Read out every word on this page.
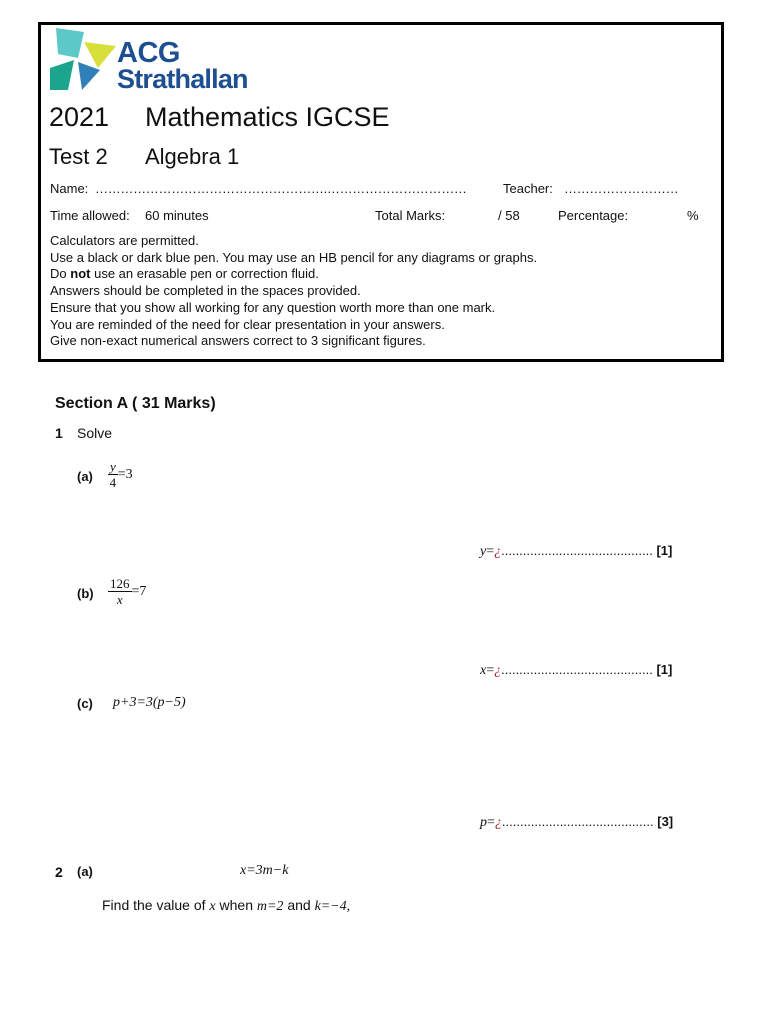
ACG
Strathallan
2021 Mathematics IGCSE
Test 2 Algebra 1
Name: ……………………………………………….……………………………	Teacher: ………………………
Time allowed: 60 minutes	Total Marks:	/ 58	Percentage:	%
Calculators are permitted.
Use a black or dark blue pen. You may use an HB pencil for any diagrams or graphs.
Do not use an erasable pen or correction fluid.
Answers should be completed in the spaces provided.
Ensure that you show all working for any question worth more than one mark.
You are reminded of the need for clear presentation in your answers.
Give non-exact numerical answers correct to 3 significant figures.
Section A ( 31 Marks)
1 Solve
$(a) \frac{y}{4} =3$
y=¿.......................................... [1]
$(b) \frac{126}{x} =7$
x=¿.......................................... [1]
(c) p+3=3(p−5)
p=¿.......................................... [3]
2 (a)	x=3m−k
Find the value of x when m=2 and k=−4,
